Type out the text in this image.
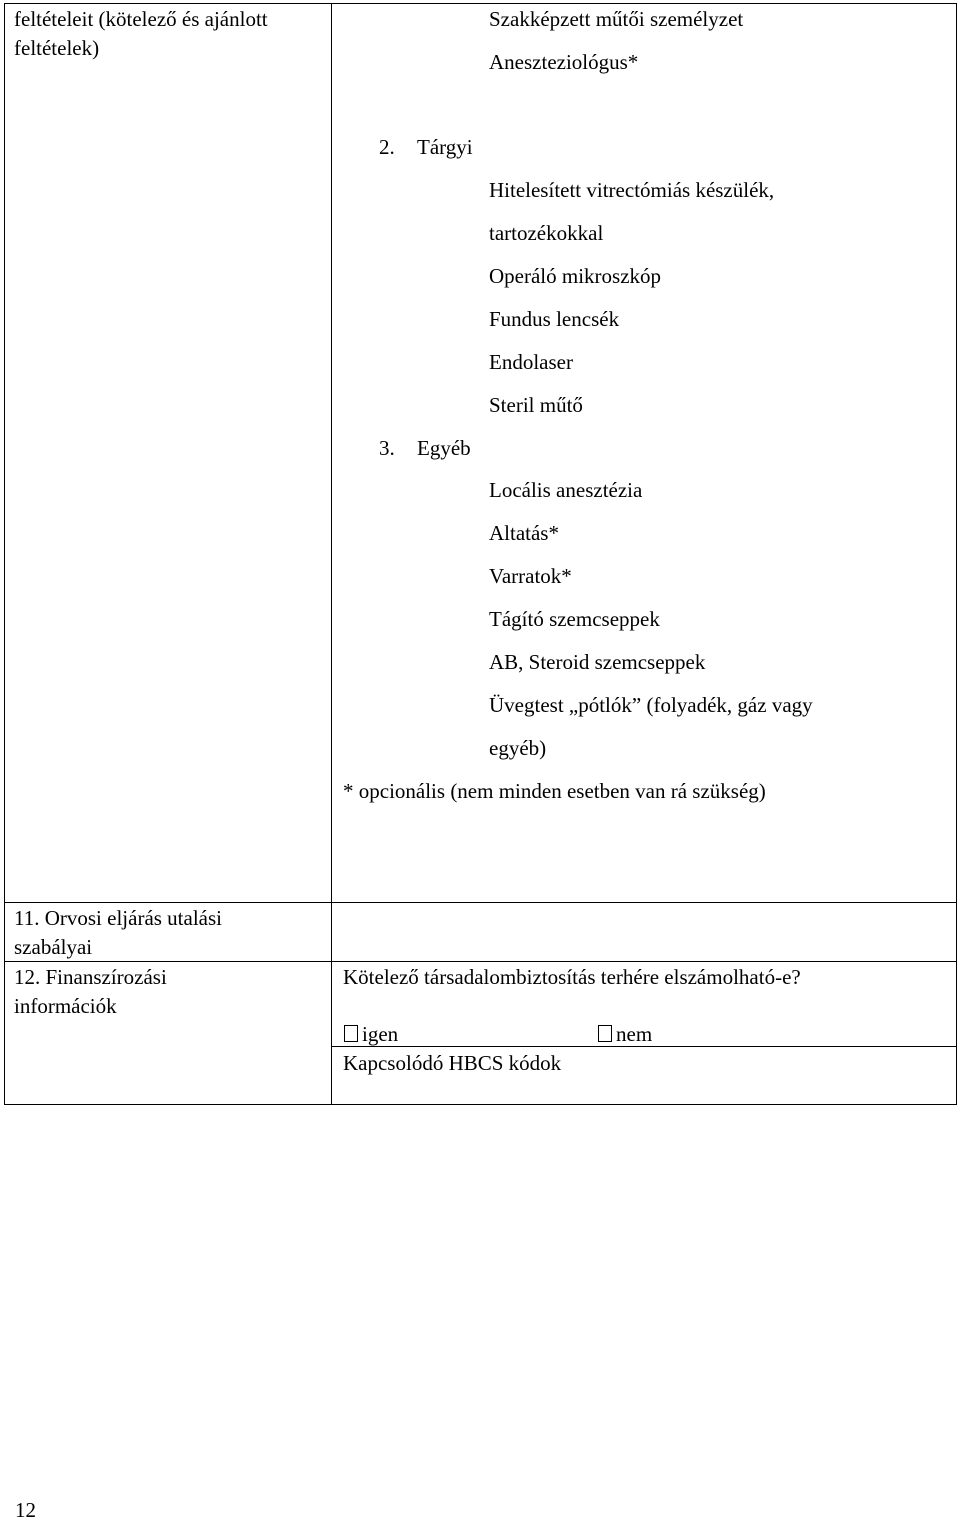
feltételeit (kötelező és ajánlott
feltételek)
Szakképzett műtői személyzet
Aneszteziológus*
2. Tárgyi
Hitelesített vitrectómiás készülék,
tartozékokkal
Operáló mikroszkóp
Fundus lencsék
Endolaser
Steril műtő
3. Egyéb
Locális anesztézia
Altatás*
Varratok*
Tágító szemcseppek
AB, Steroid szemcseppek
Üvegtest „pótlók” (folyadék, gáz vagy
egyéb)
* opcionális (nem minden esetben van rá szükség)
11. Orvosi eljárás utalási
szabályai
12. Finanszírozási
információk
Kötelező társadalombiztosítás terhére elszámolható-e?
igen	nem
Kapcsolódó HBCS kódok
12
